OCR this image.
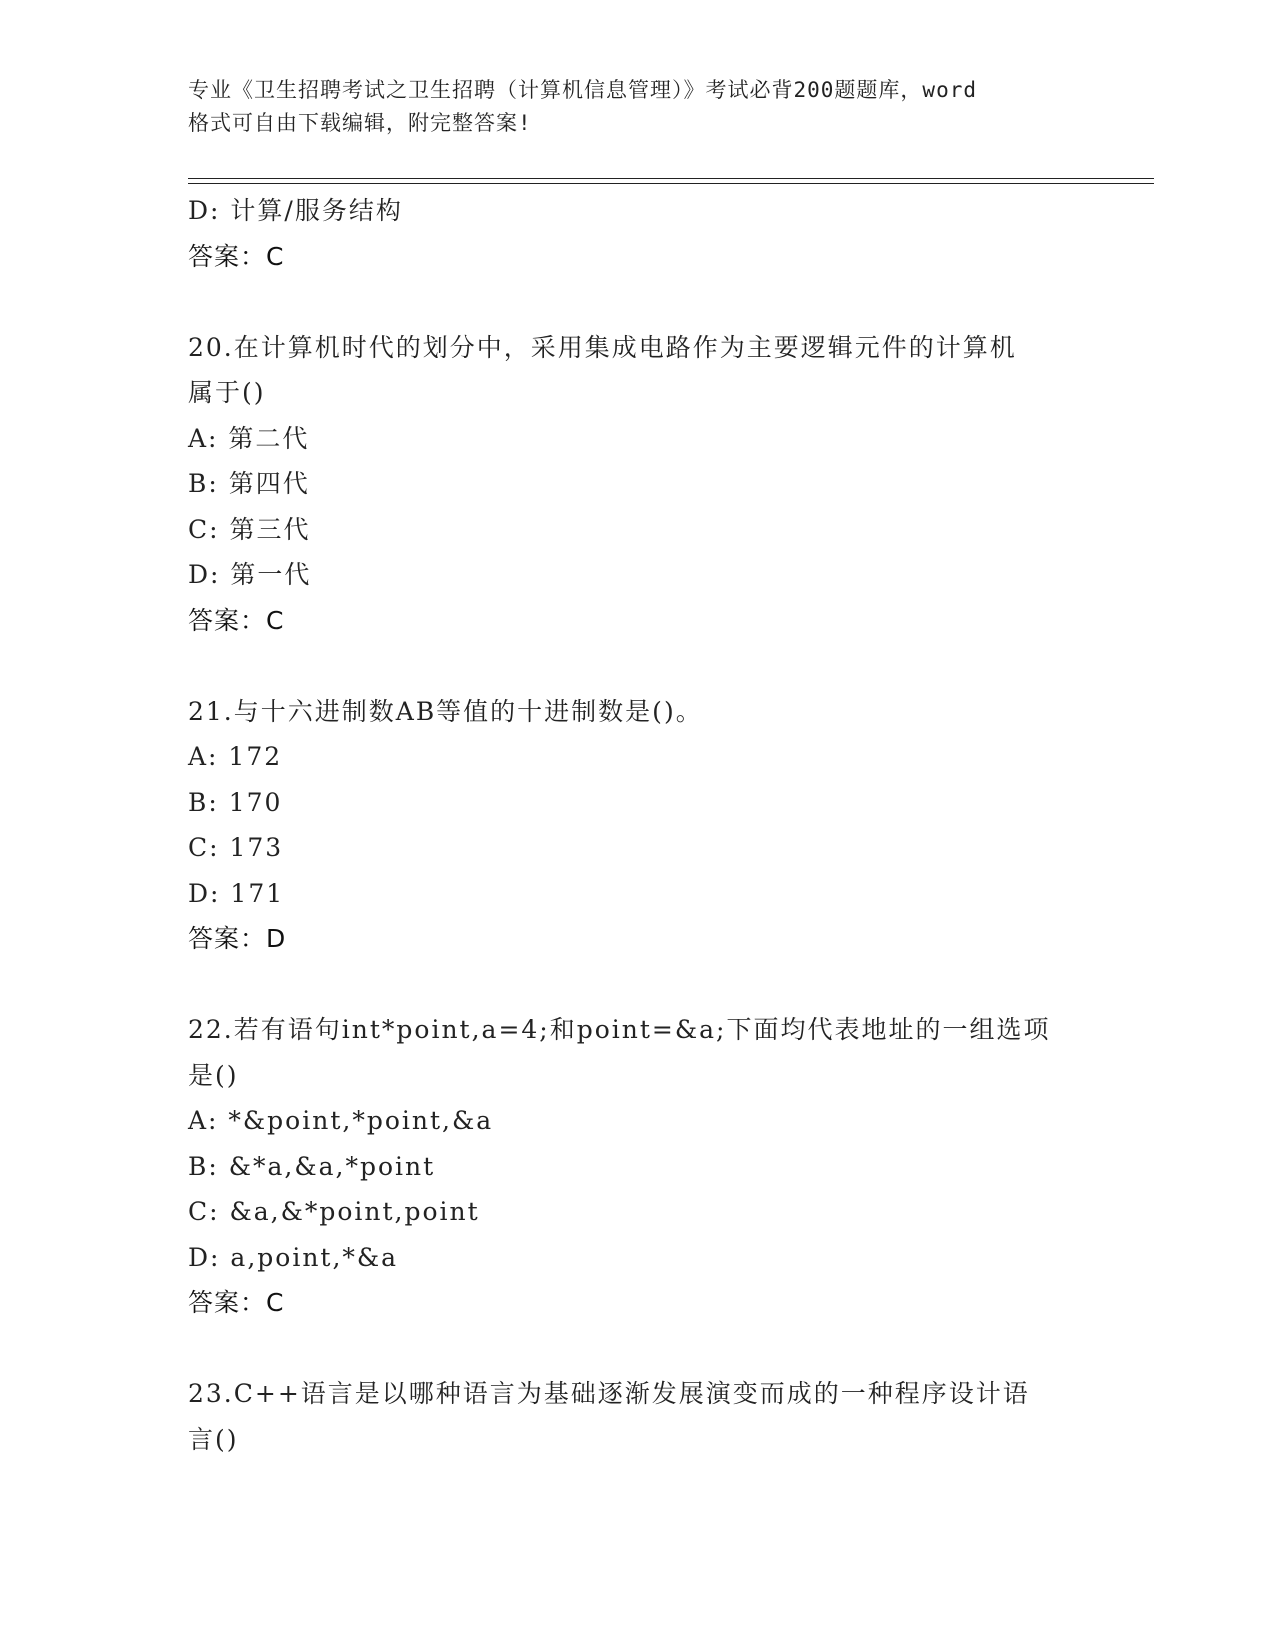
专业《卫生招聘考试之卫生招聘（计算机信息管理）》考试必背200题题库，word
格式可自由下载编辑，附完整答案!
D: 计算/服务结构
答案：C
20.在计算机时代的划分中，采用集成电路作为主要逻辑元件的计算机
属于()
A: 第二代
B: 第四代
C: 第三代
D: 第一代
答案：C
21.与十六进制数AB等值的十进制数是()。
A: 172
B: 170
C: 173
D: 171
答案：D
22.若有语句int*point,a=4;和point=&a;下面均代表地址的一组选项
是()
A: *&point,*point,&a
B: &*a,&a,*point
C: &a,&*point,point
D: a,point,*&a
答案：C
23.C++语言是以哪种语言为基础逐渐发展演变而成的一种程序设计语
言()
